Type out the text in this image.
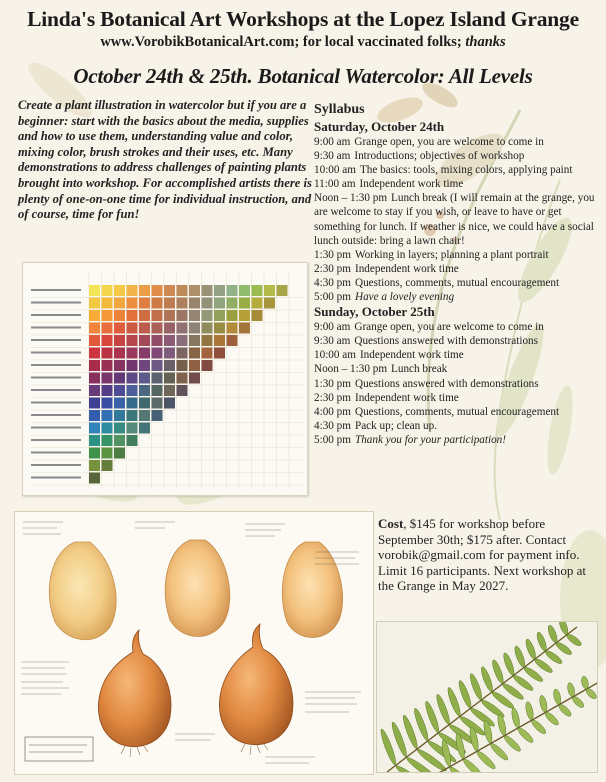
Linda's Botanical Art Workshops at the Lopez Island Grange
www.VorobikBotanicalArt.com; for local vaccinated folks; thanks
October 24th & 25th. Botanical Watercolor: All Levels
Create a plant illustration in watercolor but if you are a beginner: start with the basics about the media, supplies and how to use them, understanding value and color, mixing color, brush strokes and their uses, etc. Many demonstrations to address challenges of painting plants brought into workshop. For accomplished artists there is plenty of one-on-one time for individual instruction, and of course, time for fun!
Syllabus
Saturday, October 24th
9:00 am Grange open, you are welcome to come in
9:30 am Introductions; objectives of workshop
10:00 am The basics: tools, mixing colors, applying paint
11:00 am Independent work time
Noon – 1:30 pm Lunch break (I will remain at the grange, you are welcome to stay if you wish, or leave to have or get something for lunch. If weather is nice, we could have a social lunch outside: bring a lawn chair!
1:30 pm Working in layers; planning a plant portrait
2:30 pm Independent work time
4:30 pm Questions, comments, mutual encouragement
5:00 pm Have a lovely evening
Sunday, October 25th
9:00 am Grange open, you are welcome to come in
9:30 am Questions answered with demonstrations
10:00 am Independent work time
Noon – 1:30 pm Lunch break
1:30 pm Questions answered with demonstrations
2:30 pm Independent work time
4:00 pm Questions, comments, mutual encouragement
4:30 pm Pack up; clean up.
5:00 pm Thank you for your participation!
Cost, $145 for workshop before September 30th; $175 after. Contact vorobik@gmail.com for payment info. Limit 16 participants. Next workshop at the Grange in May 2027.
